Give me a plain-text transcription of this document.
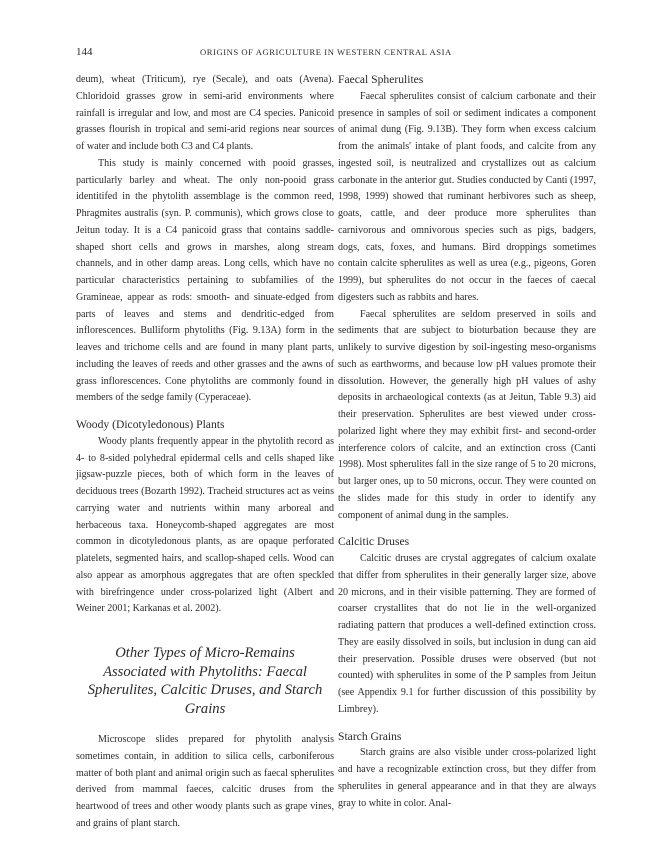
144	ORIGINS OF AGRICULTURE IN WESTERN CENTRAL ASIA

deum), wheat (Triticum), rye (Secale), and oats (Avena). Chloridoid grasses grow in semi-arid environments where rainfall is irregular and low, and most are C4 species. Panicoid grasses flourish in tropical and semi-arid regions near sources of water and include both C3 and C4 plants.

This study is mainly concerned with pooid grasses, particularly barley and wheat. The only non-pooid grass identitifed in the phytolith assemblage is the common reed, Phragmites australis (syn. P. communis), which grows close to Jeitun today. It is a C4 panicoid grass that contains saddle-shaped short cells and grows in marshes, along stream channels, and in other damp areas. Long cells, which have no particular characteristics pertaining to subfamilies of the Gramineae, appear as rods: smooth- and sinuate-edged from parts of leaves and stems and dendritic-edged from inflorescences. Bulliform phytoliths (Fig. 9.13A) form in the leaves and trichome cells and are found in many plant parts, including the leaves of reeds and other grasses and the awns of grass inflorescences. Cone phytoliths are commonly found in members of the sedge family (Cyperaceae).

Woody (Dicotyledonous) Plants

Woody plants frequently appear in the phytolith record as 4- to 8-sided polyhedral epidermal cells and cells shaped like jigsaw-puzzle pieces, both of which form in the leaves of deciduous trees (Bozarth 1992). Tracheid structures act as veins carrying water and nutrients within many arboreal and herbaceous taxa. Honeycomb-shaped aggregates are most common in dicotyledonous plants, as are opaque perforated platelets, segmented hairs, and scallop-shaped cells. Wood can also appear as amorphous aggregates that are often speckled with birefringence under cross-polarized light (Albert and Weiner 2001; Karkanas et al. 2002).

Other Types of Micro-Remains Associated with Phytoliths: Faecal Spherulites, Calcitic Druses, and Starch Grains

Microscope slides prepared for phytolith analysis sometimes contain, in addition to silica cells, carboniferous matter of both plant and animal origin such as faecal spherulites derived from mammal faeces, calcitic druses from the heartwood of trees and other woody plants such as grape vines, and grains of plant starch.

Faecal Spherulites

Faecal spherulites consist of calcium carbonate and their presence in samples of soil or sediment indicates a component of animal dung (Fig. 9.13B). They form when excess calcium from the animals' intake of plant foods, and calcite from any ingested soil, is neutralized and crystallizes out as calcium carbonate in the anterior gut. Studies conducted by Canti (1997, 1998, 1999) showed that ruminant herbivores such as sheep, goats, cattle, and deer produce more spherulites than carnivorous and omnivorous species such as pigs, badgers, dogs, cats, foxes, and humans. Bird droppings sometimes contain calcite spherulites as well as urea (e.g., pigeons, Goren 1999), but spherulites do not occur in the faeces of caecal digesters such as rabbits and hares.

Faecal spherulites are seldom preserved in soils and sediments that are subject to bioturbation because they are unlikely to survive digestion by soil-ingesting meso-organisms such as earthworms, and because low pH values promote their dissolution. However, the generally high pH values of ashy deposits in archaeological contexts (as at Jeitun, Table 9.3) aid their preservation. Spherulites are best viewed under cross-polarized light where they may exhibit first- and second-order interference colors of calcite, and an extinction cross (Canti 1998). Most spherulites fall in the size range of 5 to 20 microns, but larger ones, up to 50 microns, occur. They were counted on the slides made for this study in order to identify any component of animal dung in the samples.

Calcitic Druses

Calcitic druses are crystal aggregates of calcium oxalate that differ from spherulites in their generally larger size, above 20 microns, and in their visible patterning. They are formed of coarser crystallites that do not lie in the well-organized radiating pattern that produces a well-defined extinction cross. They are easily dissolved in soils, but inclusion in dung can aid their preservation. Possible druses were observed (but not counted) with spherulites in some of the P samples from Jeitun (see Appendix 9.1 for further discussion of this possibility by Limbrey).

Starch Grains

Starch grains are also visible under cross-polarized light and have a recognizable extinction cross, but they differ from spherulites in general appearance and in that they are always gray to white in color. Anal-
